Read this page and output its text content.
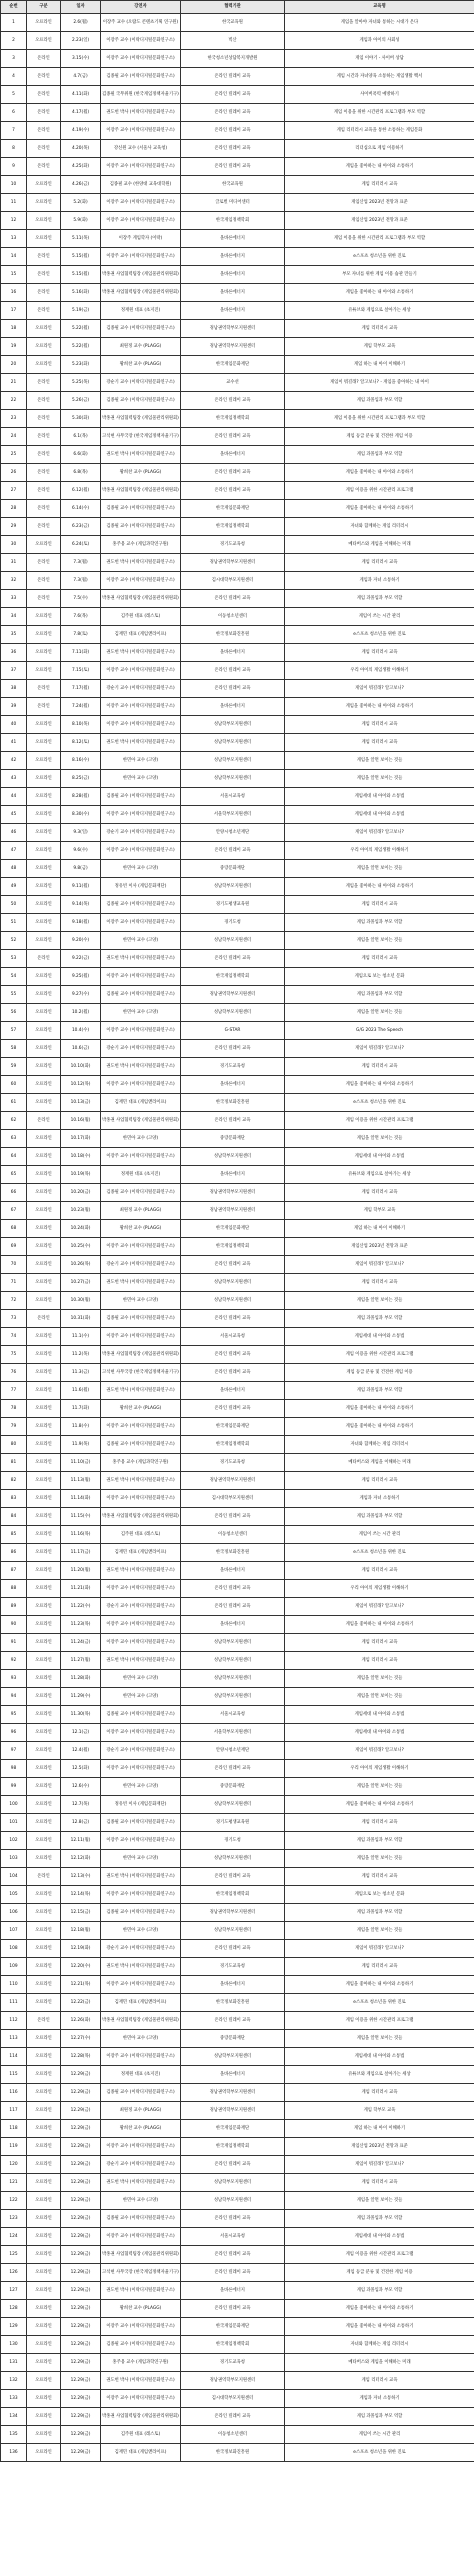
순번	구분	일자	강연자	협력기관	교육명
1	오프라인	2.6(월)	이장주 교수 (오람도 콘텐츠기획 연구원)	한국교육원	게임을 알아야 자녀와 통하는 시대가 온다
2	오프라인	2.23(일)	이장주 교수 (이락디지털문화연구소)	빅산	게임과 아이의 사회성
3	온라인	3.15(수)	이장주 교수 (이락디지털문화연구소)	한국청소년상담복지개발원	게임 이야기 - 사이버 상담
4	온라인	4.7(금)	김종필 교수 (이락디지털문화연구소)	온라인 릴레이 교육	게임 시간과 자녀양육 소통하는 게임생활 백서
5	온라인	4.11(화)	김종필 국무위원 (한국게임정책자율기구)	온라인 릴레이 교육	사이버폭력 예방하기
6	온라인	4.17(월)	권도헌 박사 (이락디지털문화연구소)	온라인 릴레이 교육	게임 이용을 위한 시간관리 프로그램과 부모 역할
7	온라인	4.19(수)	이장주 교수 (이락디지털문화연구소)	온라인 릴레이 교육	게임 리터러시 교육을 통한 소통하는 게임문화
8	온라인	4.20(목)	강신원 교수 (서울사 교육청)	온라인 릴레이 교육	리더십으로 게임 이용하기
9	온라인	4.25(화)	이장주 교수 (이락디지털문화연구소)	온라인 릴레이 교육	게임을 좋아하는 내 아이와 소통하기
10	오프라인	4.26(금)	김종필 교수 (한양대 교육대학원)	한국교육원	게임 리터러시 교육
11	오프라인	5.2(화)	이장주 교수 (이락디지털문화연구소)	글로벌 미디어센터	게임산업 2023년 전망과 표준
12	오프라인	5.9(화)	이장주 교수 (이락디지털문화연구소)	한국게임정책학회	게임산업 2023년 전망과 표준
13	오프라인	5.11(목)	이장주 게임학자 (이락)	올바른에너지	게임 이용을 위한 시간관리 프로그램과 부모 역할
14	온라인	5.15(월)	이장주 교수 (이락디지털문화연구소)	올바른에너지	e스포츠 청소년을 위한 진로
15	온라인	5.15(월)	박홍권 사업협력팀장 (게임물관리위원회)	올바른에너지	부모 자녀를 위한 게임 이용 습관 만들기
16	온라인	5.16(화)	박홍권 사업협력팀장 (게임물관리위원회)	올바른에너지	게임을 좋아하는 내 아이와 소통하기
17	온라인	5.19(금)	정재원 대표 (초지진)	올바른에너지	유튜브와 게임으로 살아가는 세상
18	오프라인	5.22(월)	김종필 교수 (이락디지털문화연구소)	경남권역학부모지원센터	게임 리터러시 교육
19	오프라인	5.22(월)	최원정 교수 (PLAGG)	경남권역학부모지원센터	게임 학부모 교육
20	오프라인	5.23(화)	황희찬 교수 (PLAGG)	한국게임문화재단	게임 하는 내 아이 이해하기
21	온라인	5.25(목)	강순기 교수 (이락디지털문화연구소)	교수선	게임이 뭐길래? 알고보니? - 게임을 좋아하는 내 아이
22	온라인	5.26(금)	김종필 교수 (이락디지털문화연구소)	온라인 릴레이 교육	게임 과몰입과 부모 역할
23	온라인	5.30(화)	박홍권 사업협력팀장 (게임물관리위원회)	한국게임정책학회	게임 이용을 위한 시간관리 프로그램과 부모 역할
24	온라인	6.1(목)	고석현 사무국장 (한국게임정책자율기구)	온라인 릴레이 교육	게임 등급 분류 및 건전한 게임 이용
25	온라인	6.6(화)	권도헌 박사 (이락디지털문화연구소)	올바른에너지	게임 과몰입과 부모 역할
26	온라인	6.8(목)	황희찬 교수 (PLAGG)	온라인 릴레이 교육	게임을 좋아하는 내 아이와 소통하기
27	온라인	6.12(월)	박홍권 사업협력팀장 (게임물관리위원회)	온라인 릴레이 교육	게임 이용을 위한 시간관리 프로그램
28	온라인	6.14(수)	김종필 교수 (이락디지털문화연구소)	한국게임문화재단	게임을 좋아하는 내 아이와 소통하기
29	온라인	6.23(금)	김종필 교수 (이락디지털문화연구소)	한국게임정책학회	자녀와 함께하는 게임 리터러시
30	오프라인	6.24(토)	홍주용 교수 (게임과학연구원)	경기도교육청	메타버스와 게임을 이해하는 미래
31	온라인	7.3(월)	권도헌 박사 (이락디지털문화연구소)	경남권역학부모지원센터	게임 리터러시 교육
32	온라인	7.3(월)	이장주 교수 (이락디지털문화연구소)	김시대학부모지원센터	게임과 자녀 소통하기
33	온라인	7.5(수)	박홍권 사업협력팀장 (게임물관리위원회)	온라인 릴레이 교육	게임 과몰입과 부모 역할
34	오프라인	7.6(목)	김주원 대표 (레스토)	이동청소년센터	게임이 쓰는 시간 관리
35	오프라인	7.8(토)	김재민 대표 (게임앤라이프)	한국정보화진흥원	e스포츠 청소년을 위한 진로
36	오프라인	7.11(화)	권도헌 박사 (이락디지털문화연구소)	올바른에너지	게임 리터러시 교육
37	오프라인	7.15(토)	이장주 교수 (이락디지털문화연구소)	온라인 릴레이 교육	우리 아이의 게임생활 이해하기
38	온라인	7.17(월)	강순기 교수 (이락디지털문화연구소)	온라인 릴레이 교육	게임이 뭐길래? 알고보니?
39	온라인	7.24(월)	이장주 교수 (이락디지털문화연구소)	올바른에너지	게임을 좋아하는 내 아이와 소통하기
40	오프라인	8.10(목)	이장주 교수 (이락디지털문화연구소)	성남학부모지원센터	게임 리터러시 교육
41	오프라인	8.12(토)	권도헌 박사 (이락디지털문화연구소)	성남학부모지원센터	게임 리터러시 교육
42	오프라인	8.16(수)	한민아 교수 (고양)	성남학부모지원센터	게임을 알면 보이는 것들
43	오프라인	8.25(금)	한민아 교수 (고양)	성남학부모지원센터	게임을 알면 보이는 것들
44	오프라인	8.28(월)	김종필 교수 (이락디지털문화연구소)	서울시교육청	게임세대 내 아이와 소통법
45	오프라인	8.30(수)	이장주 교수 (이락디지털문화연구소)	서울학부모지원센터	게임세대 내 아이와 소통법
46	오프라인	9.3(일)	강순기 교수 (이락디지털문화연구소)	안양시청소년재단	게임이 뭐길래? 알고보니?
47	오프라인	9.6(수)	이장주 교수 (이락디지털문화연구소)	온라인 릴레이 교육	우리 아이의 게임생활 이해하기
48	오프라인	9.8(금)	한민아 교수 (고양)	중랑문화재단	게임을 알면 보이는 것들
49	오프라인	9.11(월)	정유빈 이사 (게임문화재단)	성남학부모지원센터	게임을 좋아하는 내 아이와 소통하기
50	오프라인	9.14(목)	김종필 교수 (이락디지털문화연구소)	경기도평생교육원	게임 리터러시 교육
51	오프라인	9.18(월)	이장주 교수 (이락디지털문화연구소)	경기도청	게임 과몰입과 부모 역할
52	오프라인	9.20(수)	한민아 교수 (고양)	성남학부모지원센터	게임을 알면 보이는 것들
53	온라인	9.22(금)	권도헌 박사 (이락디지털문화연구소)	온라인 릴레이 교육	게임 리터러시 교육
54	오프라인	9.25(월)	이장주 교수 (이락디지털문화연구소)	한국게임정책학회	게임으로 보는 청소년 문화
55	오프라인	9.27(수)	김종필 교수 (이락디지털문화연구소)	경남권역학부모지원센터	게임 과몰입과 부모 역할
56	오프라인	10.2(월)	한민아 교수 (고양)	성남학부모지원센터	게임을 알면 보이는 것들
57	오프라인	10.4(수)	이장주 교수 (이락디지털문화연구소)	G-STAR	G/G 2023 The Speech
58	오프라인	10.6(금)	강순기 교수 (이락디지털문화연구소)	온라인 릴레이 교육	게임이 뭐길래? 알고보니?
59	오프라인	10.10(화)	권도헌 박사 (이락디지털문화연구소)	경기도교육청	게임 리터러시 교육
60	오프라인	10.12(목)	이장주 교수 (이락디지털문화연구소)	올바른에너지	게임을 좋아하는 내 아이와 소통하기
61	오프라인	10.13(금)	김재민 대표 (게임앤라이프)	한국정보화진흥원	e스포츠 청소년을 위한 진로
62	온라인	10.16(월)	박홍권 사업협력팀장 (게임물관리위원회)	온라인 릴레이 교육	게임 이용을 위한 시간관리 프로그램
63	오프라인	10.17(화)	한민아 교수 (고양)	중랑문화재단	게임을 알면 보이는 것들
64	오프라인	10.18(수)	이장주 교수 (이락디지털문화연구소)	성남학부모지원센터	게임세대 내 아이와 소통법
65	오프라인	10.19(목)	정재원 대표 (초지진)	올바른에너지	유튜브와 게임으로 살아가는 세상
66	오프라인	10.20(금)	김종필 교수 (이락디지털문화연구소)	경남권역학부모지원센터	게임 리터러시 교육
67	오프라인	10.23(월)	최원정 교수 (PLAGG)	경남권역학부모지원센터	게임 학부모 교육
68	오프라인	10.24(화)	황희찬 교수 (PLAGG)	한국게임문화재단	게임 하는 내 아이 이해하기
69	오프라인	10.25(수)	이장주 교수 (이락디지털문화연구소)	한국게임정책학회	게임산업 2023년 전망과 표준
70	오프라인	10.26(목)	강순기 교수 (이락디지털문화연구소)	온라인 릴레이 교육	게임이 뭐길래? 알고보니?
71	오프라인	10.27(금)	권도헌 박사 (이락디지털문화연구소)	성남학부모지원센터	게임 리터러시 교육
72	오프라인	10.30(월)	한민아 교수 (고양)	성남학부모지원센터	게임을 알면 보이는 것들
73	온라인	10.31(화)	김종필 교수 (이락디지털문화연구소)	온라인 릴레이 교육	게임 과몰입과 부모 역할
74	오프라인	11.1(수)	이장주 교수 (이락디지털문화연구소)	서울시교육청	게임세대 내 아이와 소통법
75	오프라인	11.2(목)	박홍권 사업협력팀장 (게임물관리위원회)	온라인 릴레이 교육	게임 이용을 위한 시간관리 프로그램
76	오프라인	11.3(금)	고석현 사무국장 (한국게임정책자율기구)	온라인 릴레이 교육	게임 등급 분류 및 건전한 게임 이용
77	오프라인	11.6(월)	권도헌 박사 (이락디지털문화연구소)	올바른에너지	게임 과몰입과 부모 역할
78	오프라인	11.7(화)	황희찬 교수 (PLAGG)	온라인 릴레이 교육	게임을 좋아하는 내 아이와 소통하기
79	오프라인	11.8(수)	이장주 교수 (이락디지털문화연구소)	한국게임문화재단	게임을 좋아하는 내 아이와 소통하기
80	오프라인	11.9(목)	김종필 교수 (이락디지털문화연구소)	한국게임정책학회	자녀와 함께하는 게임 리터러시
81	오프라인	11.10(금)	홍주용 교수 (게임과학연구원)	경기도교육청	메타버스와 게임을 이해하는 미래
82	오프라인	11.13(월)	권도헌 박사 (이락디지털문화연구소)	경남권역학부모지원센터	게임 리터러시 교육
83	오프라인	11.14(화)	이장주 교수 (이락디지털문화연구소)	김시대학부모지원센터	게임과 자녀 소통하기
84	오프라인	11.15(수)	박홍권 사업협력팀장 (게임물관리위원회)	온라인 릴레이 교육	게임 과몰입과 부모 역할
85	오프라인	11.16(목)	김주원 대표 (레스토)	이동청소년센터	게임이 쓰는 시간 관리
86	오프라인	11.17(금)	김재민 대표 (게임앤라이프)	한국정보화진흥원	e스포츠 청소년을 위한 진로
87	오프라인	11.20(월)	권도헌 박사 (이락디지털문화연구소)	올바른에너지	게임 리터러시 교육
88	오프라인	11.21(화)	이장주 교수 (이락디지털문화연구소)	온라인 릴레이 교육	우리 아이의 게임생활 이해하기
89	오프라인	11.22(수)	강순기 교수 (이락디지털문화연구소)	온라인 릴레이 교육	게임이 뭐길래? 알고보니?
90	오프라인	11.23(목)	이장주 교수 (이락디지털문화연구소)	올바른에너지	게임을 좋아하는 내 아이와 소통하기
91	오프라인	11.24(금)	이장주 교수 (이락디지털문화연구소)	성남학부모지원센터	게임 리터러시 교육
92	오프라인	11.27(월)	권도헌 박사 (이락디지털문화연구소)	성남학부모지원센터	게임 리터러시 교육
93	오프라인	11.28(화)	한민아 교수 (고양)	성남학부모지원센터	게임을 알면 보이는 것들
94	오프라인	11.29(수)	한민아 교수 (고양)	성남학부모지원센터	게임을 알면 보이는 것들
95	오프라인	11.30(목)	김종필 교수 (이락디지털문화연구소)	서울시교육청	게임세대 내 아이와 소통법
96	오프라인	12.1(금)	이장주 교수 (이락디지털문화연구소)	서울학부모지원센터	게임세대 내 아이와 소통법
97	오프라인	12.4(월)	강순기 교수 (이락디지털문화연구소)	안양시청소년재단	게임이 뭐길래? 알고보니?
98	오프라인	12.5(화)	이장주 교수 (이락디지털문화연구소)	온라인 릴레이 교육	우리 아이의 게임생활 이해하기
99	오프라인	12.6(수)	한민아 교수 (고양)	중랑문화재단	게임을 알면 보이는 것들
100	오프라인	12.7(목)	정유빈 이사 (게임문화재단)	성남학부모지원센터	게임을 좋아하는 내 아이와 소통하기
101	오프라인	12.8(금)	김종필 교수 (이락디지털문화연구소)	경기도평생교육원	게임 리터러시 교육
102	오프라인	12.11(월)	이장주 교수 (이락디지털문화연구소)	경기도청	게임 과몰입과 부모 역할
103	오프라인	12.12(화)	한민아 교수 (고양)	성남학부모지원센터	게임을 알면 보이는 것들
104	온라인	12.13(수)	권도헌 박사 (이락디지털문화연구소)	온라인 릴레이 교육	게임 리터러시 교육
105	오프라인	12.14(목)	이장주 교수 (이락디지털문화연구소)	한국게임정책학회	게임으로 보는 청소년 문화
106	오프라인	12.15(금)	김종필 교수 (이락디지털문화연구소)	경남권역학부모지원센터	게임 과몰입과 부모 역할
107	오프라인	12.18(월)	한민아 교수 (고양)	성남학부모지원센터	게임을 알면 보이는 것들
108	오프라인	12.19(화)	강순기 교수 (이락디지털문화연구소)	온라인 릴레이 교육	게임이 뭐길래? 알고보니?
109	오프라인	12.20(수)	권도헌 박사 (이락디지털문화연구소)	경기도교육청	게임 리터러시 교육
110	오프라인	12.21(목)	이장주 교수 (이락디지털문화연구소)	올바른에너지	게임을 좋아하는 내 아이와 소통하기
111	오프라인	12.22(금)	김재민 대표 (게임앤라이프)	한국정보화진흥원	e스포츠 청소년을 위한 진로
112	온라인	12.26(화)	박홍권 사업협력팀장 (게임물관리위원회)	온라인 릴레이 교육	게임 이용을 위한 시간관리 프로그램
113	오프라인	12.27(수)	한민아 교수 (고양)	중랑문화재단	게임을 알면 보이는 것들
114	오프라인	12.28(목)	이장주 교수 (이락디지털문화연구소)	성남학부모지원센터	게임세대 내 아이와 소통법
115	오프라인	12.29(금)	정재원 대표 (초지진)	올바른에너지	유튜브와 게임으로 살아가는 세상
116	오프라인	12.29(금)	김종필 교수 (이락디지털문화연구소)	경남권역학부모지원센터	게임 리터러시 교육
117	오프라인	12.29(금)	최원정 교수 (PLAGG)	경남권역학부모지원센터	게임 학부모 교육
118	오프라인	12.29(금)	황희찬 교수 (PLAGG)	한국게임문화재단	게임 하는 내 아이 이해하기
119	오프라인	12.29(금)	이장주 교수 (이락디지털문화연구소)	한국게임정책학회	게임산업 2023년 전망과 표준
120	오프라인	12.29(금)	강순기 교수 (이락디지털문화연구소)	온라인 릴레이 교육	게임이 뭐길래? 알고보니?
121	오프라인	12.29(금)	권도헌 박사 (이락디지털문화연구소)	성남학부모지원센터	게임 리터러시 교육
122	오프라인	12.29(금)	한민아 교수 (고양)	성남학부모지원센터	게임을 알면 보이는 것들
123	오프라인	12.29(금)	김종필 교수 (이락디지털문화연구소)	온라인 릴레이 교육	게임 과몰입과 부모 역할
124	오프라인	12.29(금)	이장주 교수 (이락디지털문화연구소)	서울시교육청	게임세대 내 아이와 소통법
125	오프라인	12.29(금)	박홍권 사업협력팀장 (게임물관리위원회)	온라인 릴레이 교육	게임 이용을 위한 시간관리 프로그램
126	오프라인	12.29(금)	고석현 사무국장 (한국게임정책자율기구)	온라인 릴레이 교육	게임 등급 분류 및 건전한 게임 이용
127	오프라인	12.29(금)	권도헌 박사 (이락디지털문화연구소)	올바른에너지	게임 과몰입과 부모 역할
128	오프라인	12.29(금)	황희찬 교수 (PLAGG)	온라인 릴레이 교육	게임을 좋아하는 내 아이와 소통하기
129	오프라인	12.29(금)	이장주 교수 (이락디지털문화연구소)	한국게임문화재단	게임을 좋아하는 내 아이와 소통하기
130	오프라인	12.29(금)	김종필 교수 (이락디지털문화연구소)	한국게임정책학회	자녀와 함께하는 게임 리터러시
131	오프라인	12.29(금)	홍주용 교수 (게임과학연구원)	경기도교육청	메타버스와 게임을 이해하는 미래
132	오프라인	12.29(금)	권도헌 박사 (이락디지털문화연구소)	경남권역학부모지원센터	게임 리터러시 교육
133	오프라인	12.29(금)	이장주 교수 (이락디지털문화연구소)	김시대학부모지원센터	게임과 자녀 소통하기
134	오프라인	12.29(금)	박홍권 사업협력팀장 (게임물관리위원회)	온라인 릴레이 교육	게임 과몰입과 부모 역할
135	오프라인	12.29(금)	김주원 대표 (레스토)	이동청소년센터	게임이 쓰는 시간 관리
136	오프라인	12.29(금)	김재민 대표 (게임앤라이프)	한국정보화진흥원	e스포츠 청소년을 위한 진로
